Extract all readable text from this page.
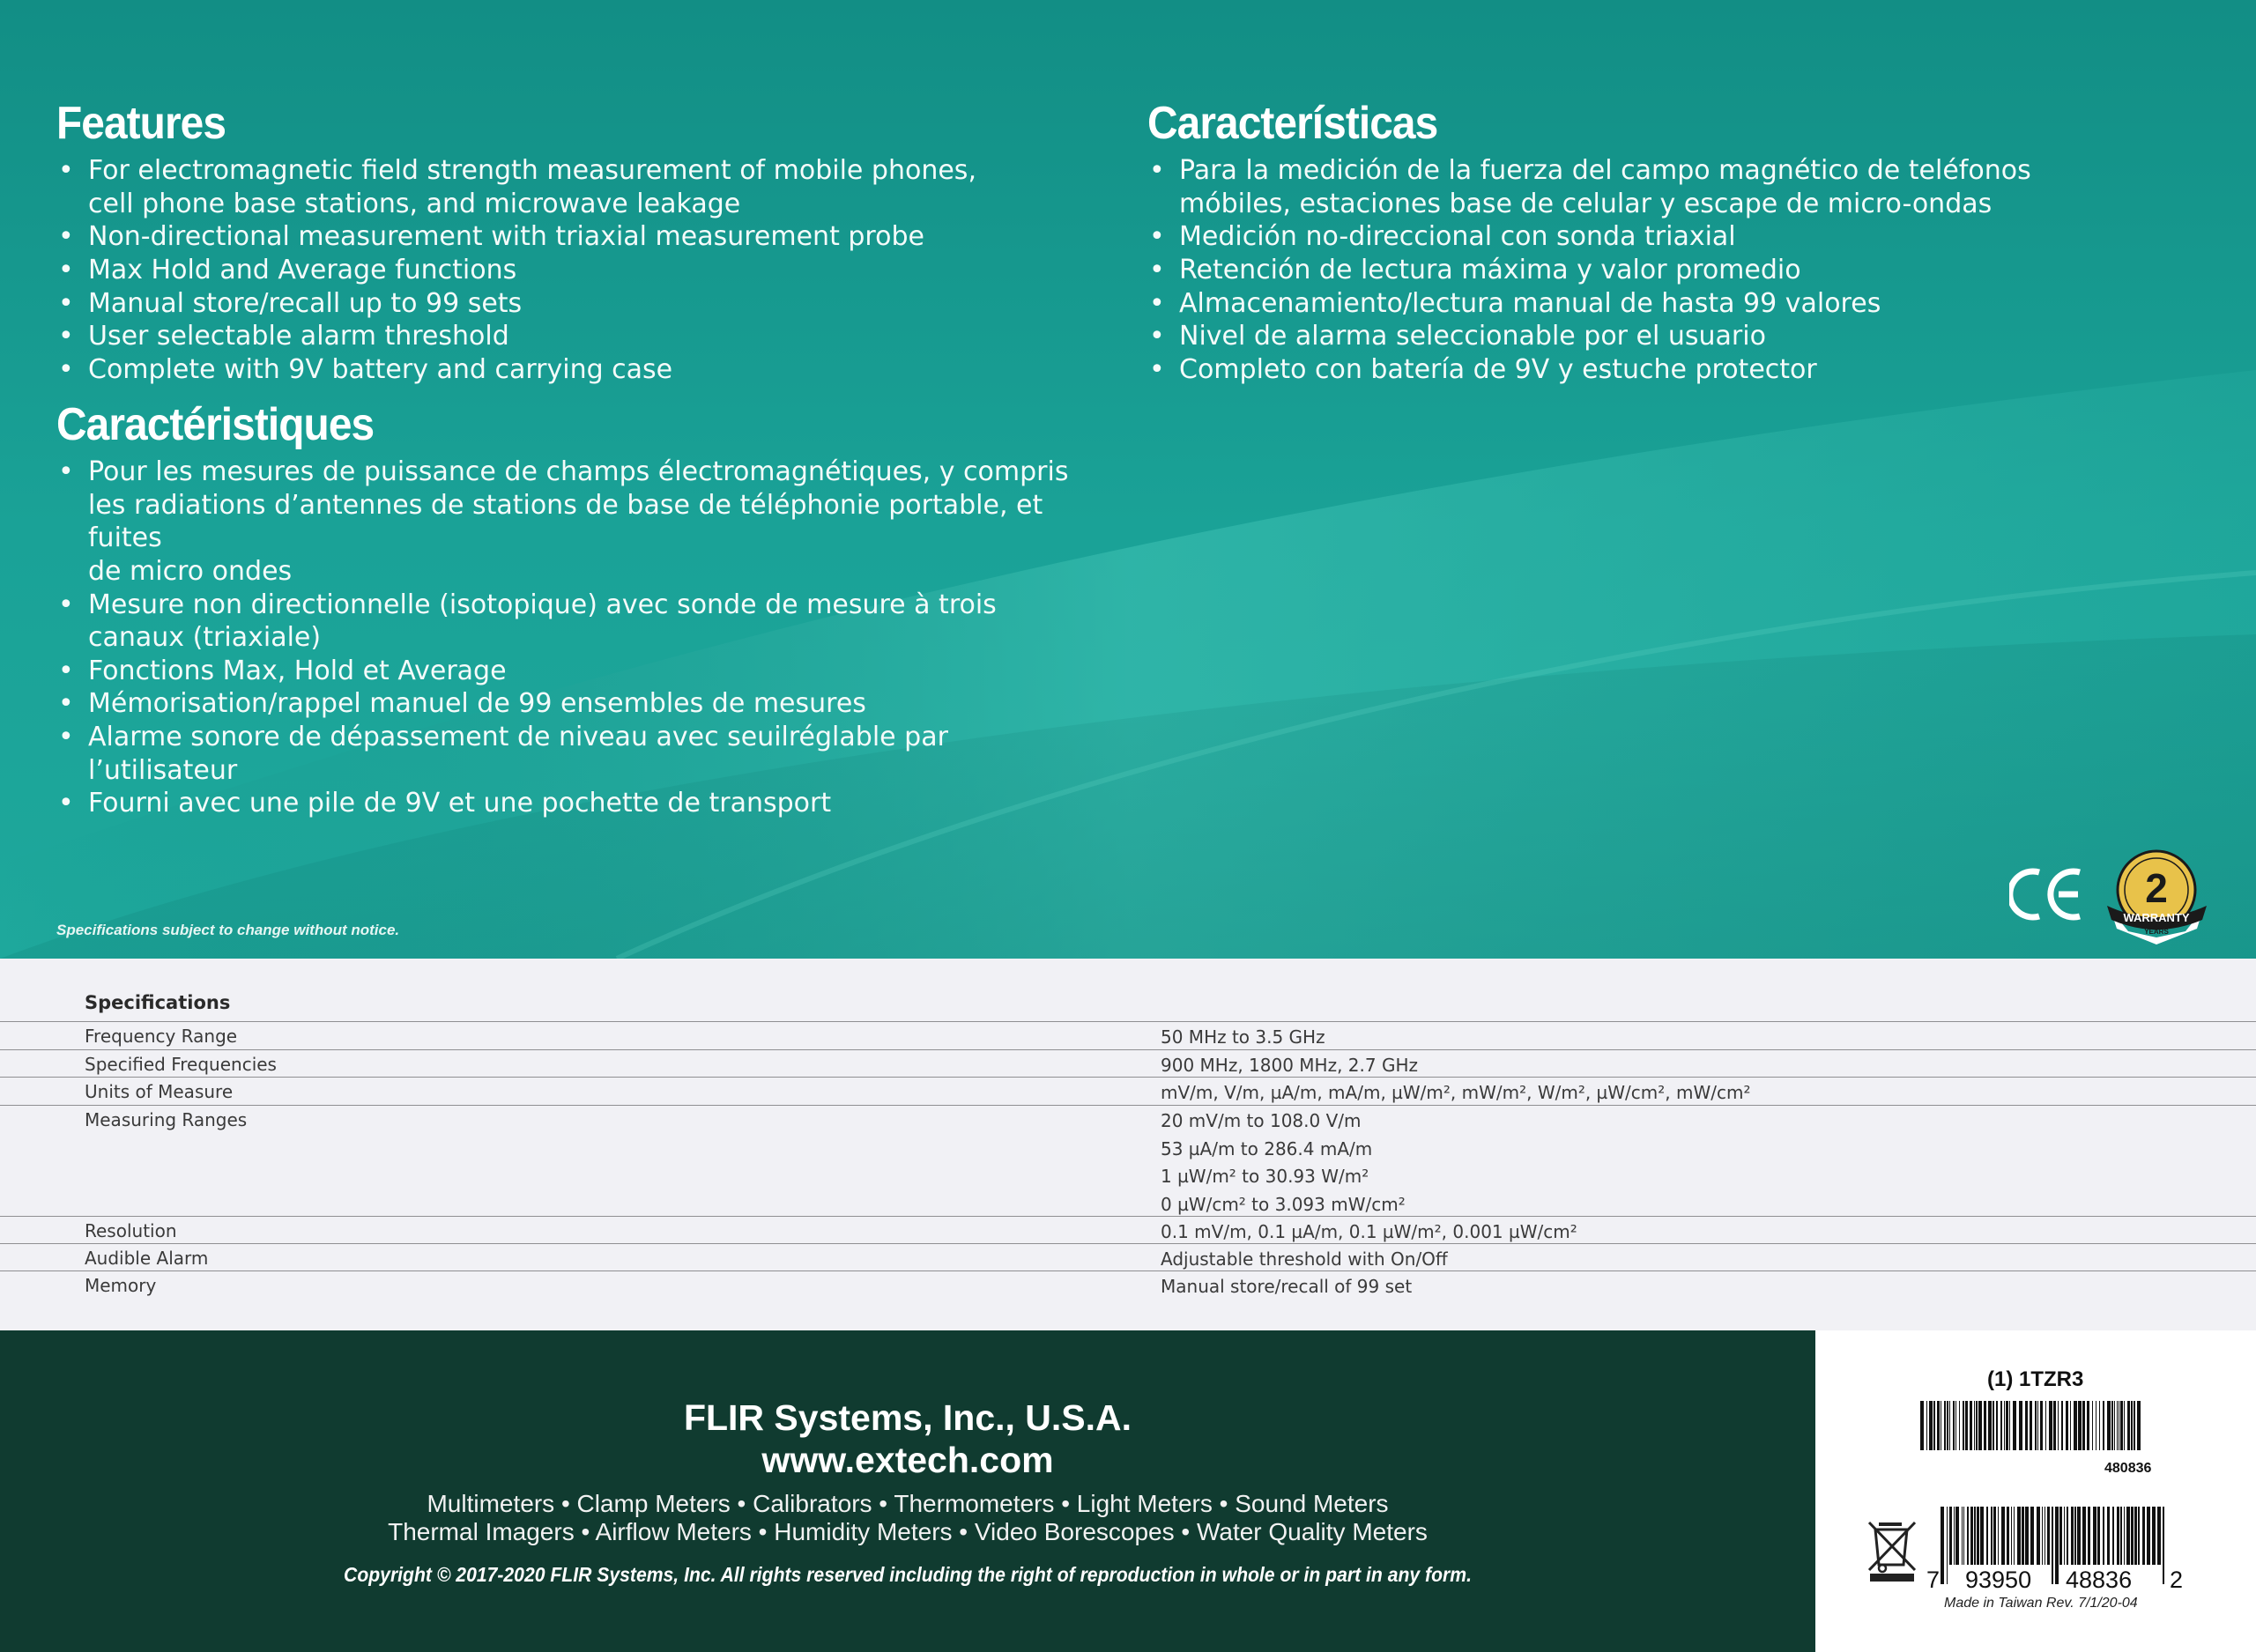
Features
• For electromagnetic field strength measurement of mobile phones,
cell phone base stations, and microwave leakage
• Non-directional measurement with triaxial measurement probe
• Max Hold and Average functions
• Manual store/recall up to 99 sets
• User selectable alarm threshold
• Complete with 9V battery and carrying case
Caractéristiques
• Pour les mesures de puissance de champs électromagnétiques, y compris
les radiations d’antennes de stations de base de téléphonie portable, et fuites
de micro ondes
• Mesure non directionnelle (isotopique) avec sonde de mesure à trois
canaux (triaxiale)
• Fonctions Max, Hold et Average
• Mémorisation/rappel manuel de 99 ensembles de mesures
• Alarme sonore de dépassement de niveau avec seuilréglable par l’utilisateur
• Fourni avec une pile de 9V et une pochette de transport
Características
• Para la medición de la fuerza del campo magnético de teléfonos
móbiles, estaciones base de celular y escape de micro-ondas
• Medición no-direccional con sonda triaxial
• Retención de lectura máxima y valor promedio
• Almacenamiento/lectura manual de hasta 99 valores
• Nivel de alarma seleccionable por el usuario
• Completo con batería de 9V y estuche protector
Specifications subject to change without notice.
2
WARRANTY
YEARS
Specifications
Frequency Range	50 MHz to 3.5 GHz
Specified Frequencies	900 MHz, 1800 MHz, 2.7 GHz
Units of Measure	mV/m, V/m, µA/m, mA/m, µW/m², mW/m², W/m², µW/cm², mW/cm²
Measuring Ranges	20 mV/m to 108.0 V/m
53 µA/m to 286.4 mA/m
1 µW/m² to 30.93 W/m²
0 µW/cm² to 3.093 mW/cm²
Resolution	0.1 mV/m, 0.1 µA/m, 0.1 µW/m², 0.001 µW/cm²
Audible Alarm	Adjustable threshold with On/Off
Memory	Manual store/recall of 99 set
FLIR Systems, Inc., U.S.A.
www.extech.com
Multimeters • Clamp Meters • Calibrators • Thermometers • Light Meters • Sound Meters
Thermal Imagers • Airflow Meters • Humidity Meters • Video Borescopes • Water Quality Meters
Copyright © 2017-2020 FLIR Systems, Inc. All rights reserved including the right of reproduction in whole or in part in any form.
(1) 1TZR3
480836
7 93950 48836 2
Made in Taiwan Rev. 7/1/20-04
